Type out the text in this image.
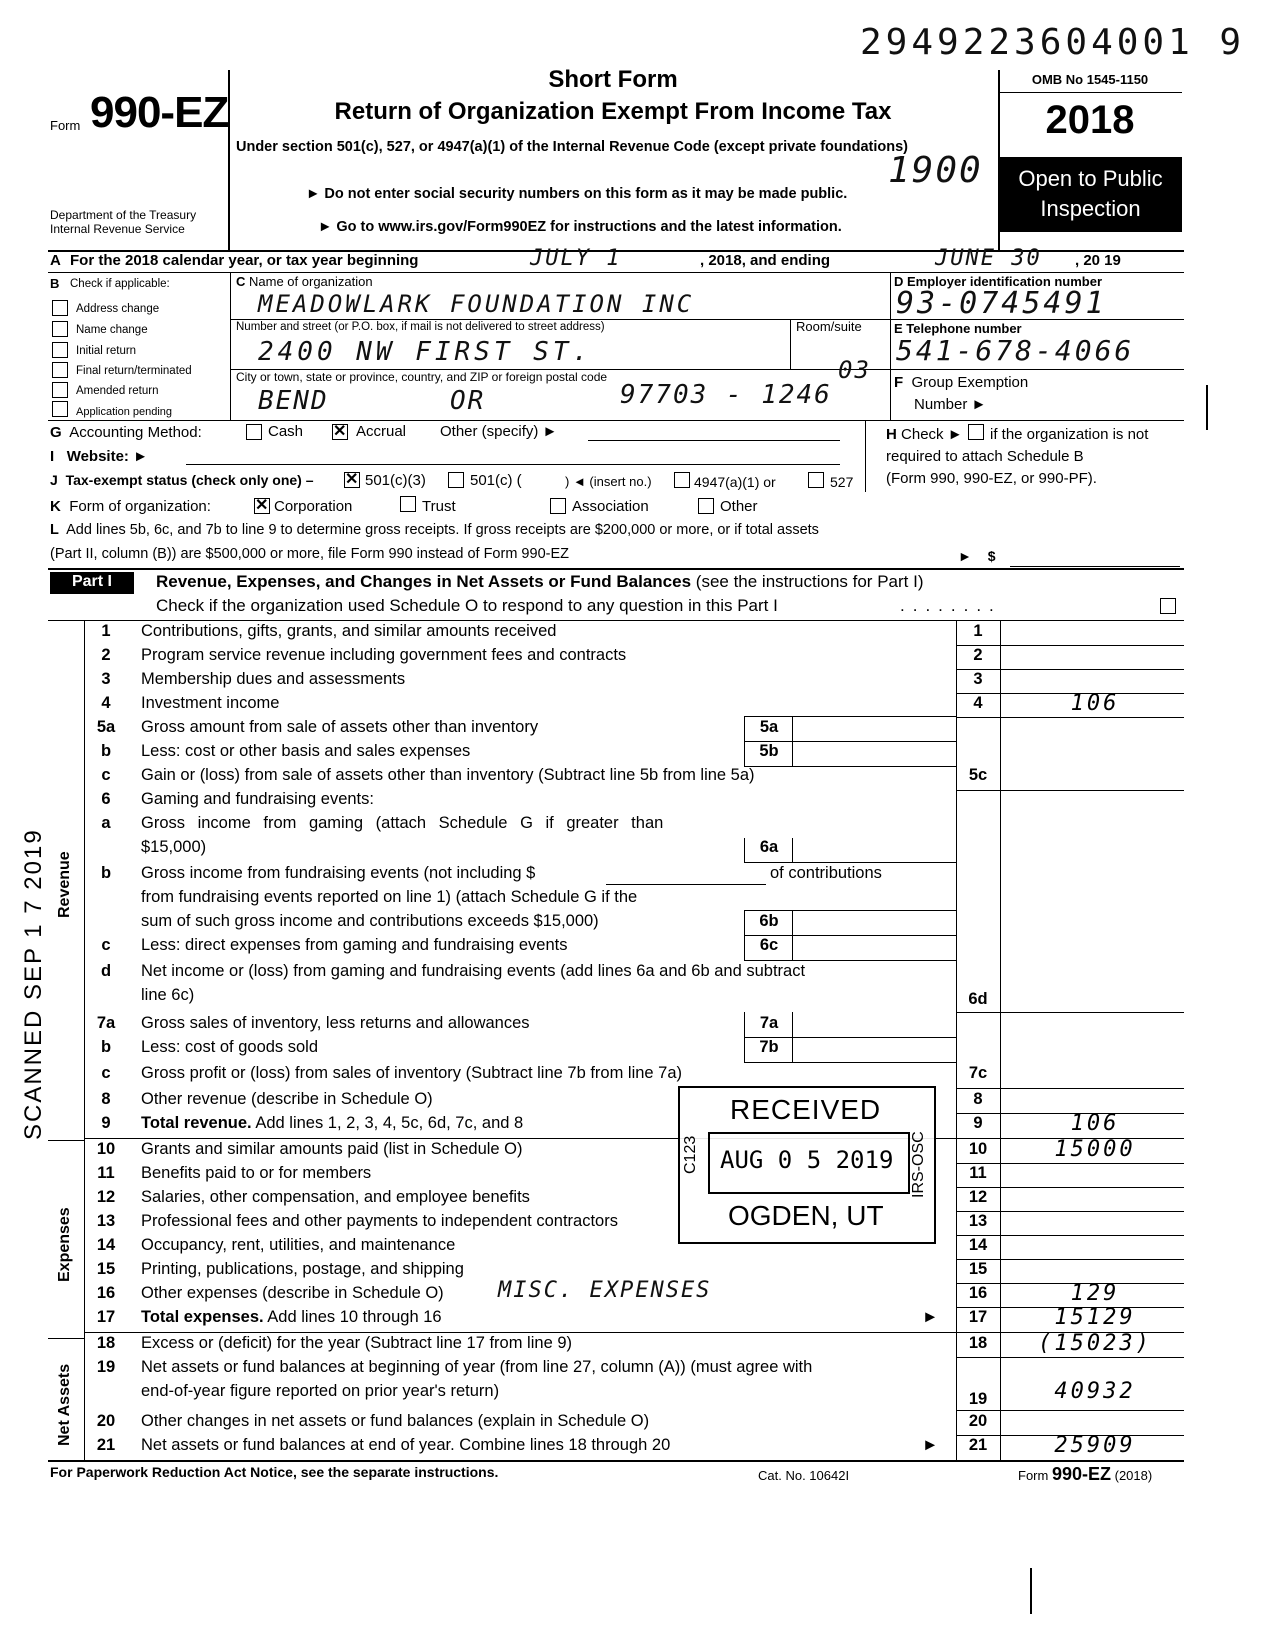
2949223604001 9
Form 990-EZ
Department of the Treasury
Internal Revenue Service
Short Form
Return of Organization Exempt From Income Tax
Under section 501(c), 527, or 4947(a)(1) of the Internal Revenue Code (except private foundations)
► Do not enter social security numbers on this form as it may be made public.
► Go to www.irs.gov/Form990EZ for instructions and the latest information.
1900
OMB No 1545-1150
2018
Open to Public
Inspection
A For the 2018 calendar year, or tax year beginning	JULY 1	, 2018, and ending	JUNE 30 , 20 19
B Check if applicable:
Address change
Name change
Initial return
Final return/terminated
Amended return
Application pending
C Name of organization
MEADOWLARK FOUNDATION INC
Number and street (or P.O. box, if mail is not delivered to street address)	Room/suite
2400 NW FIRST ST.
City or town, state or province, country, and ZIP or foreign postal code
BEND	OR	97703 - 1246
03
D Employer identification number
93-0745491
E Telephone number
541-678-4066
F Group Exemption
Number ►
G Accounting Method:	Cash ✕	Accrual Other (specify) ►	H Check ► if the organization is not
required to attach Schedule B
(Form 990, 990-EZ, or 990-PF).
I Website: ►
J Tax-exempt status (check only one) – ✕	501(c)(3)	501(c) (	) ◄ (insert no.)	4947(a)(1) or	527
K Form of organization: ✕	Corporation	Trust	Association	Other
L Add lines 5b, 6c, and 7b to line 9 to determine gross receipts. If gross receipts are $200,000 or more, or if total assets
(Part II, column (B)) are $500,000 or more, file Form 990 instead of Form 990-EZ	► $
Part I	Revenue, Expenses, and Changes in Net Assets or Fund Balances (see the instructions for Part I)
Check if the organization used Schedule O to respond to any question in this Part I	........
Revenue
Expenses
Net Assets
SCANNED SEP 1 7 2019
1	Contributions, gifts, grants, and similar amounts received	1
2	Program service revenue including government fees and contracts	2
3	Membership dues and assessments	3
4	Investment income	4	106
5a	Gross amount from sale of assets other than inventory	5a
b	Less: cost or other basis and sales expenses	5b
c	Gain or (loss) from sale of assets other than inventory (Subtract line 5b from line 5a)	5c
6	Gaming and fundraising events:
a	Gross income from gaming (attach Schedule G if greater than
$15,000)	6a
b	Gross income from fundraising events (not including $	of contributions
from fundraising events reported on line 1) (attach Schedule G if the
sum of such gross income and contributions exceeds $15,000)	6b
c	Less: direct expenses from gaming and fundraising events	6c
d	Net income or (loss) from gaming and fundraising events (add lines 6a and 6b and subtract
line 6c)	6d
7a	Gross sales of inventory, less returns and allowances	7a
b	Less: cost of goods sold	7b
c	Gross profit or (loss) from sales of inventory (Subtract line 7b from line 7a)	7c
8	Other revenue (describe in Schedule O)	8
9	Total revenue. Add lines 1, 2, 3, 4, 5c, 6d, 7c, and 8	9	106
10	Grants and similar amounts paid (list in Schedule O)	10	15000
11	Benefits paid to or for members	11
12	Salaries, other compensation, and employee benefits	12
13	Professional fees and other payments to independent contractors	13
14	Occupancy, rent, utilities, and maintenance	14
15	Printing, publications, postage, and shipping	15
16	Other expenses (describe in Schedule O) MISC. EXPENSES	16	129
17	Total expenses. Add lines 10 through 16	►	17	15129
18	Excess or (deficit) for the year (Subtract line 17 from line 9)	18	(15023)
19	Net assets or fund balances at beginning of year (from line 27, column (A)) (must agree with
end-of-year figure reported on prior year's return)	19	40932
20	Other changes in net assets or fund balances (explain in Schedule O)	20
21	Net assets or fund balances at end of year. Combine lines 18 through 20	►	21	25909
RECEIVED
AUG 0 5 2019
OGDEN, UT
C123	IRS-OSC
For Paperwork Reduction Act Notice, see the separate instructions.	Cat. No. 10642I	Form 990-EZ (2018)
